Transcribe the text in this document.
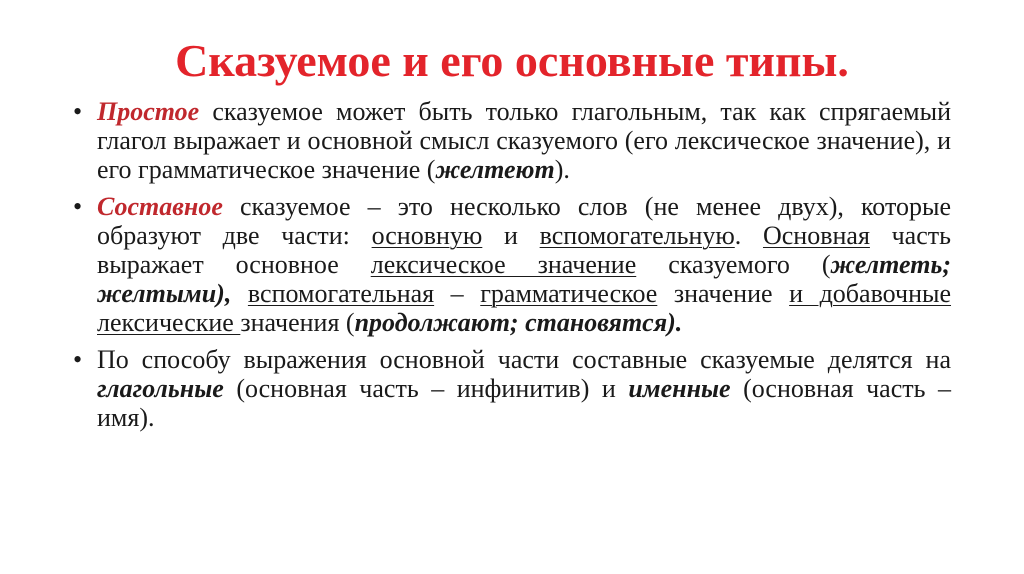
Сказуемое и его основные типы.
• Простое сказуемое может быть только глагольным, так как спрягаемый глагол выражает и основной смысл сказуемого (его лексическое значение), и его грамматическое значение (желтеют).
• Составное сказуемое – это несколько слов (не менее двух), которые образуют две части: основную и вспомогательную. Основная часть выражает основное лексическое значение сказуемого (желтеть; желтыми), вспомогательная – грамматическое значение и добавочные лексические значения (продолжают; становятся).
• По способу выражения основной части составные сказуемые делятся на глагольные (основная часть – инфинитив) и именные (основная часть – имя).
